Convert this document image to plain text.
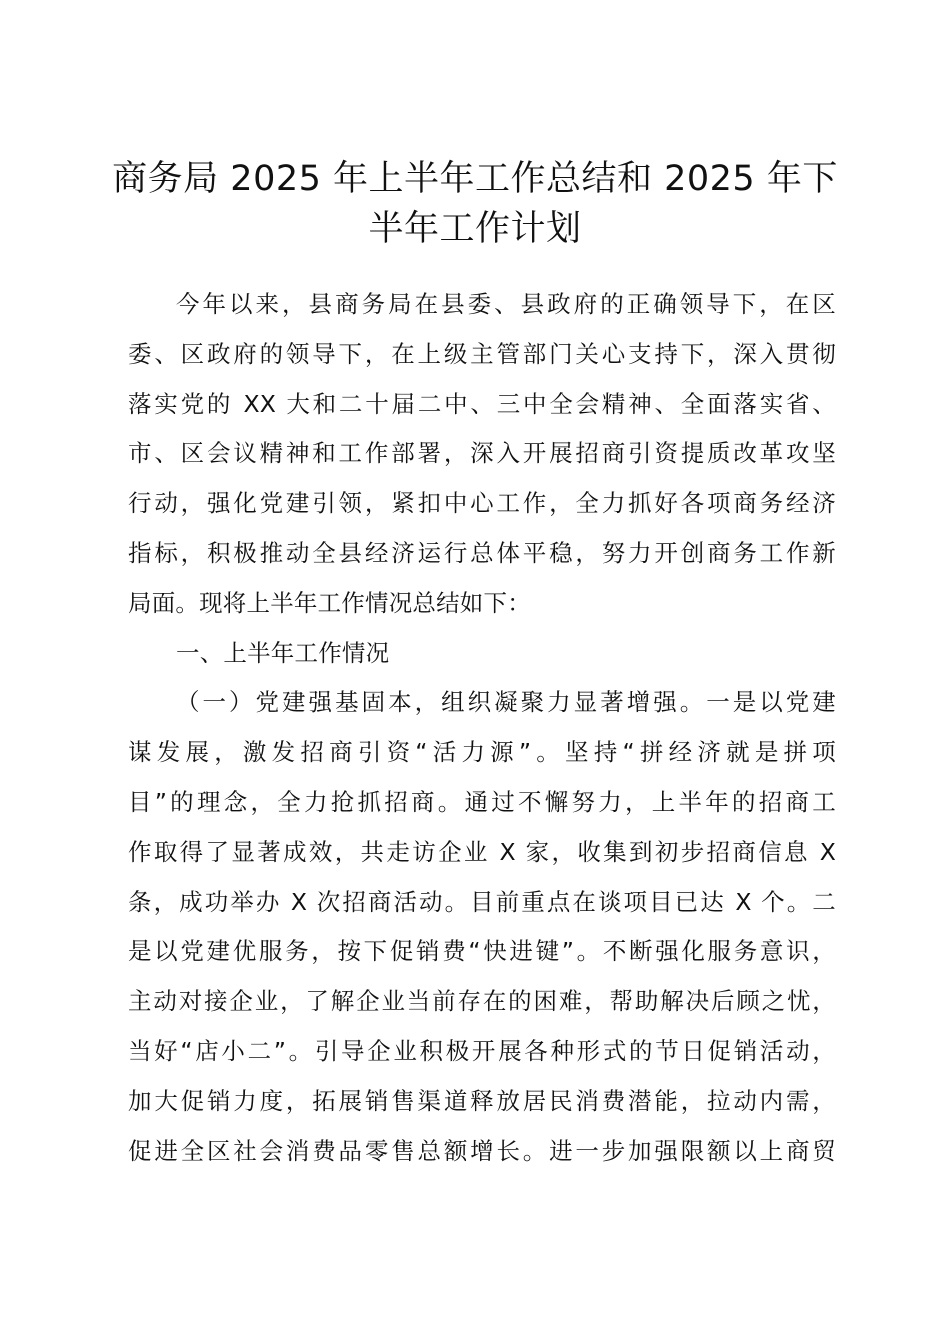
商务局 2025 年上半年工作总结和 2025 年下
半年工作计划
今年以来，县商务局在县委、县政府的正确领导下，在区
委、区政府的领导下，在上级主管部门关心支持下，深入贯彻
落实党的 XX 大和二十届二中、三中全会精神、全面落实省、
市、区会议精神和工作部署，深入开展招商引资提质改革攻坚
行动，强化党建引领，紧扣中心工作，全力抓好各项商务经济
指标，积极推动全县经济运行总体平稳，努力开创商务工作新
局面。现将上半年工作情况总结如下：
一、上半年工作情况
（一）党建强基固本，组织凝聚力显著增强。一是以党建
谋发展，激发招商引资“活力源”。坚持“拼经济就是拼项
目”的理念，全力抢抓招商。通过不懈努力，上半年的招商工
作取得了显著成效，共走访企业 X 家，收集到初步招商信息 X
条，成功举办 X 次招商活动。目前重点在谈项目已达 X 个。二
是以党建优服务，按下促销费“快进键”。不断强化服务意识，
主动对接企业，了解企业当前存在的困难，帮助解决后顾之忧，
当好“店小二”。引导企业积极开展各种形式的节日促销活动，
加大促销力度，拓展销售渠道释放居民消费潜能，拉动内需，
促进全区社会消费品零售总额增长。进一步加强限额以上商贸
